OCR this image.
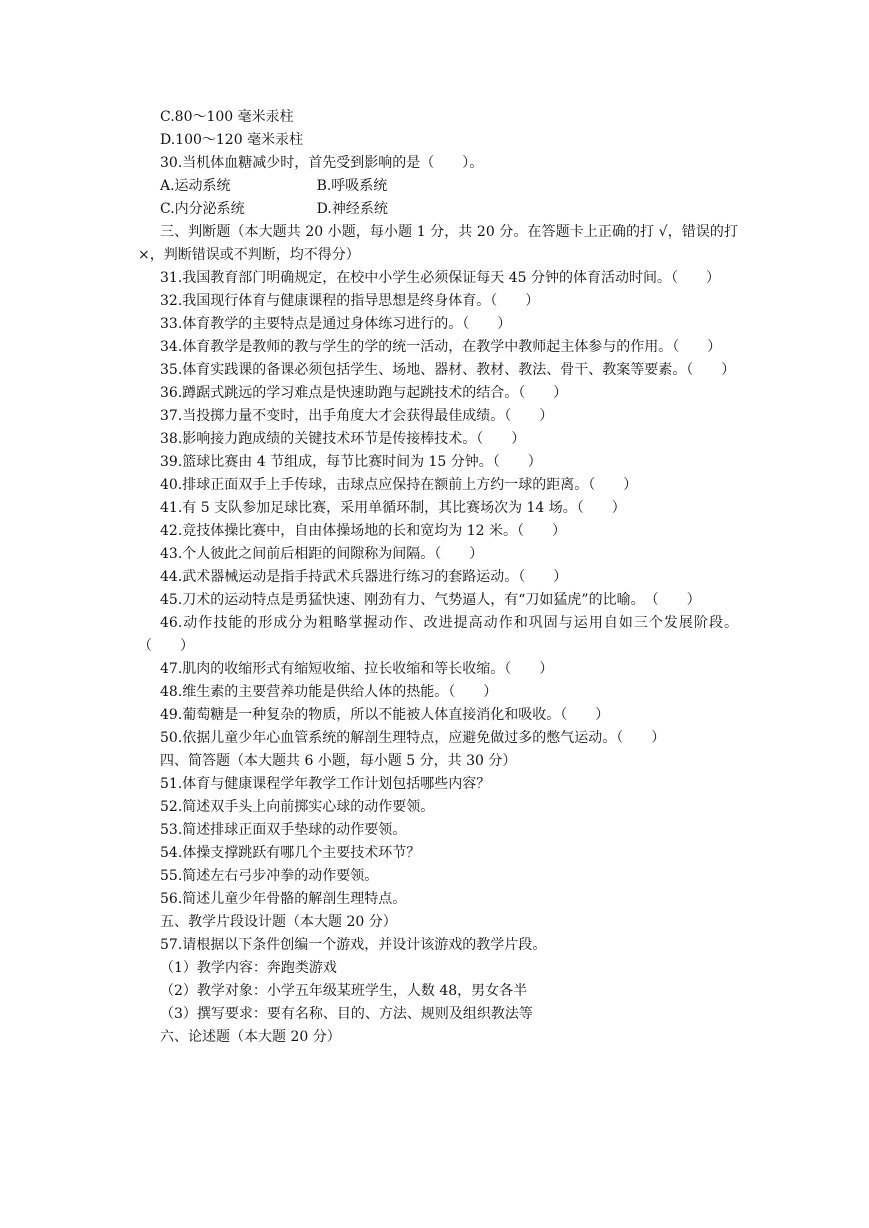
C.80～100 毫米汞柱

D.100～120 毫米汞柱

30.当机体血糖减少时，首先受到影响的是（　　）。

A.运动系统	B.呼吸系统

C.内分泌系统	D.神经系统

三、判断题（本大题共 20 小题，每小题 1 分，共 20 分。在答题卡上正确的打 √，错误的打×，判断错误或不判断，均不得分）

31.我国教育部门明确规定，在校中小学生必须保证每天 45 分钟的体育活动时间。（　　）

32.我国现行体育与健康课程的指导思想是终身体育。（　　）

33.体育教学的主要特点是通过身体练习进行的。（　　）

34.体育教学是教师的教与学生的学的统一活动，在教学中教师起主体参与的作用。（　　）

35.体育实践课的备课必须包括学生、场地、器材、教材、教法、骨干、教案等要素。（　　）

36.蹲踞式跳远的学习难点是快速助跑与起跳技术的结合。（　　）

37.当投掷力量不变时，出手角度大才会获得最佳成绩。（　　）

38.影响接力跑成绩的关键技术环节是传接棒技术。（　　）

39.篮球比赛由 4 节组成，每节比赛时间为 15 分钟。（　　）

40.排球正面双手上手传球，击球点应保持在额前上方约一球的距离。（　　）

41.有 5 支队参加足球比赛，采用单循环制，其比赛场次为 14 场。（　　）

42.竞技体操比赛中，自由体操场地的长和宽均为 12 米。（　　）

43.个人彼此之间前后相距的间隙称为间隔。（　　）

44.武术器械运动是指手持武术兵器进行练习的套路运动。（　　）

45.刀术的运动特点是勇猛快速、刚劲有力、气势逼人，有“刀如猛虎”的比喻。　（　　）

46.动作技能的形成分为粗略掌握动作、改进提高动作和巩固与运用自如三个发展阶段。（　　）

47.肌肉的收缩形式有缩短收缩、拉长收缩和等长收缩。（　　）

48.维生素的主要营养功能是供给人体的热能。（　　）

49.葡萄糖是一种复杂的物质，所以不能被人体直接消化和吸收。（　　）

50.依据儿童少年心血管系统的解剖生理特点，应避免做过多的憋气运动。（　　）

四、简答题（本大题共 6 小题，每小题 5 分，共 30 分）

51.体育与健康课程学年教学工作计划包括哪些内容？

52.简述双手头上向前掷实心球的动作要领。

53.简述排球正面双手垫球的动作要领。

54.体操支撑跳跃有哪几个主要技术环节？

55.简述左右弓步冲拳的动作要领。

56.简述儿童少年骨骼的解剖生理特点。

五、教学片段设计题（本大题 20 分）

57.请根据以下条件创编一个游戏，并设计该游戏的教学片段。

（1）教学内容：奔跑类游戏

（2）教学对象：小学五年级某班学生，人数 48，男女各半

（3）撰写要求：要有名称、目的、方法、规则及组织教法等

六、论述题（本大题 20 分）
